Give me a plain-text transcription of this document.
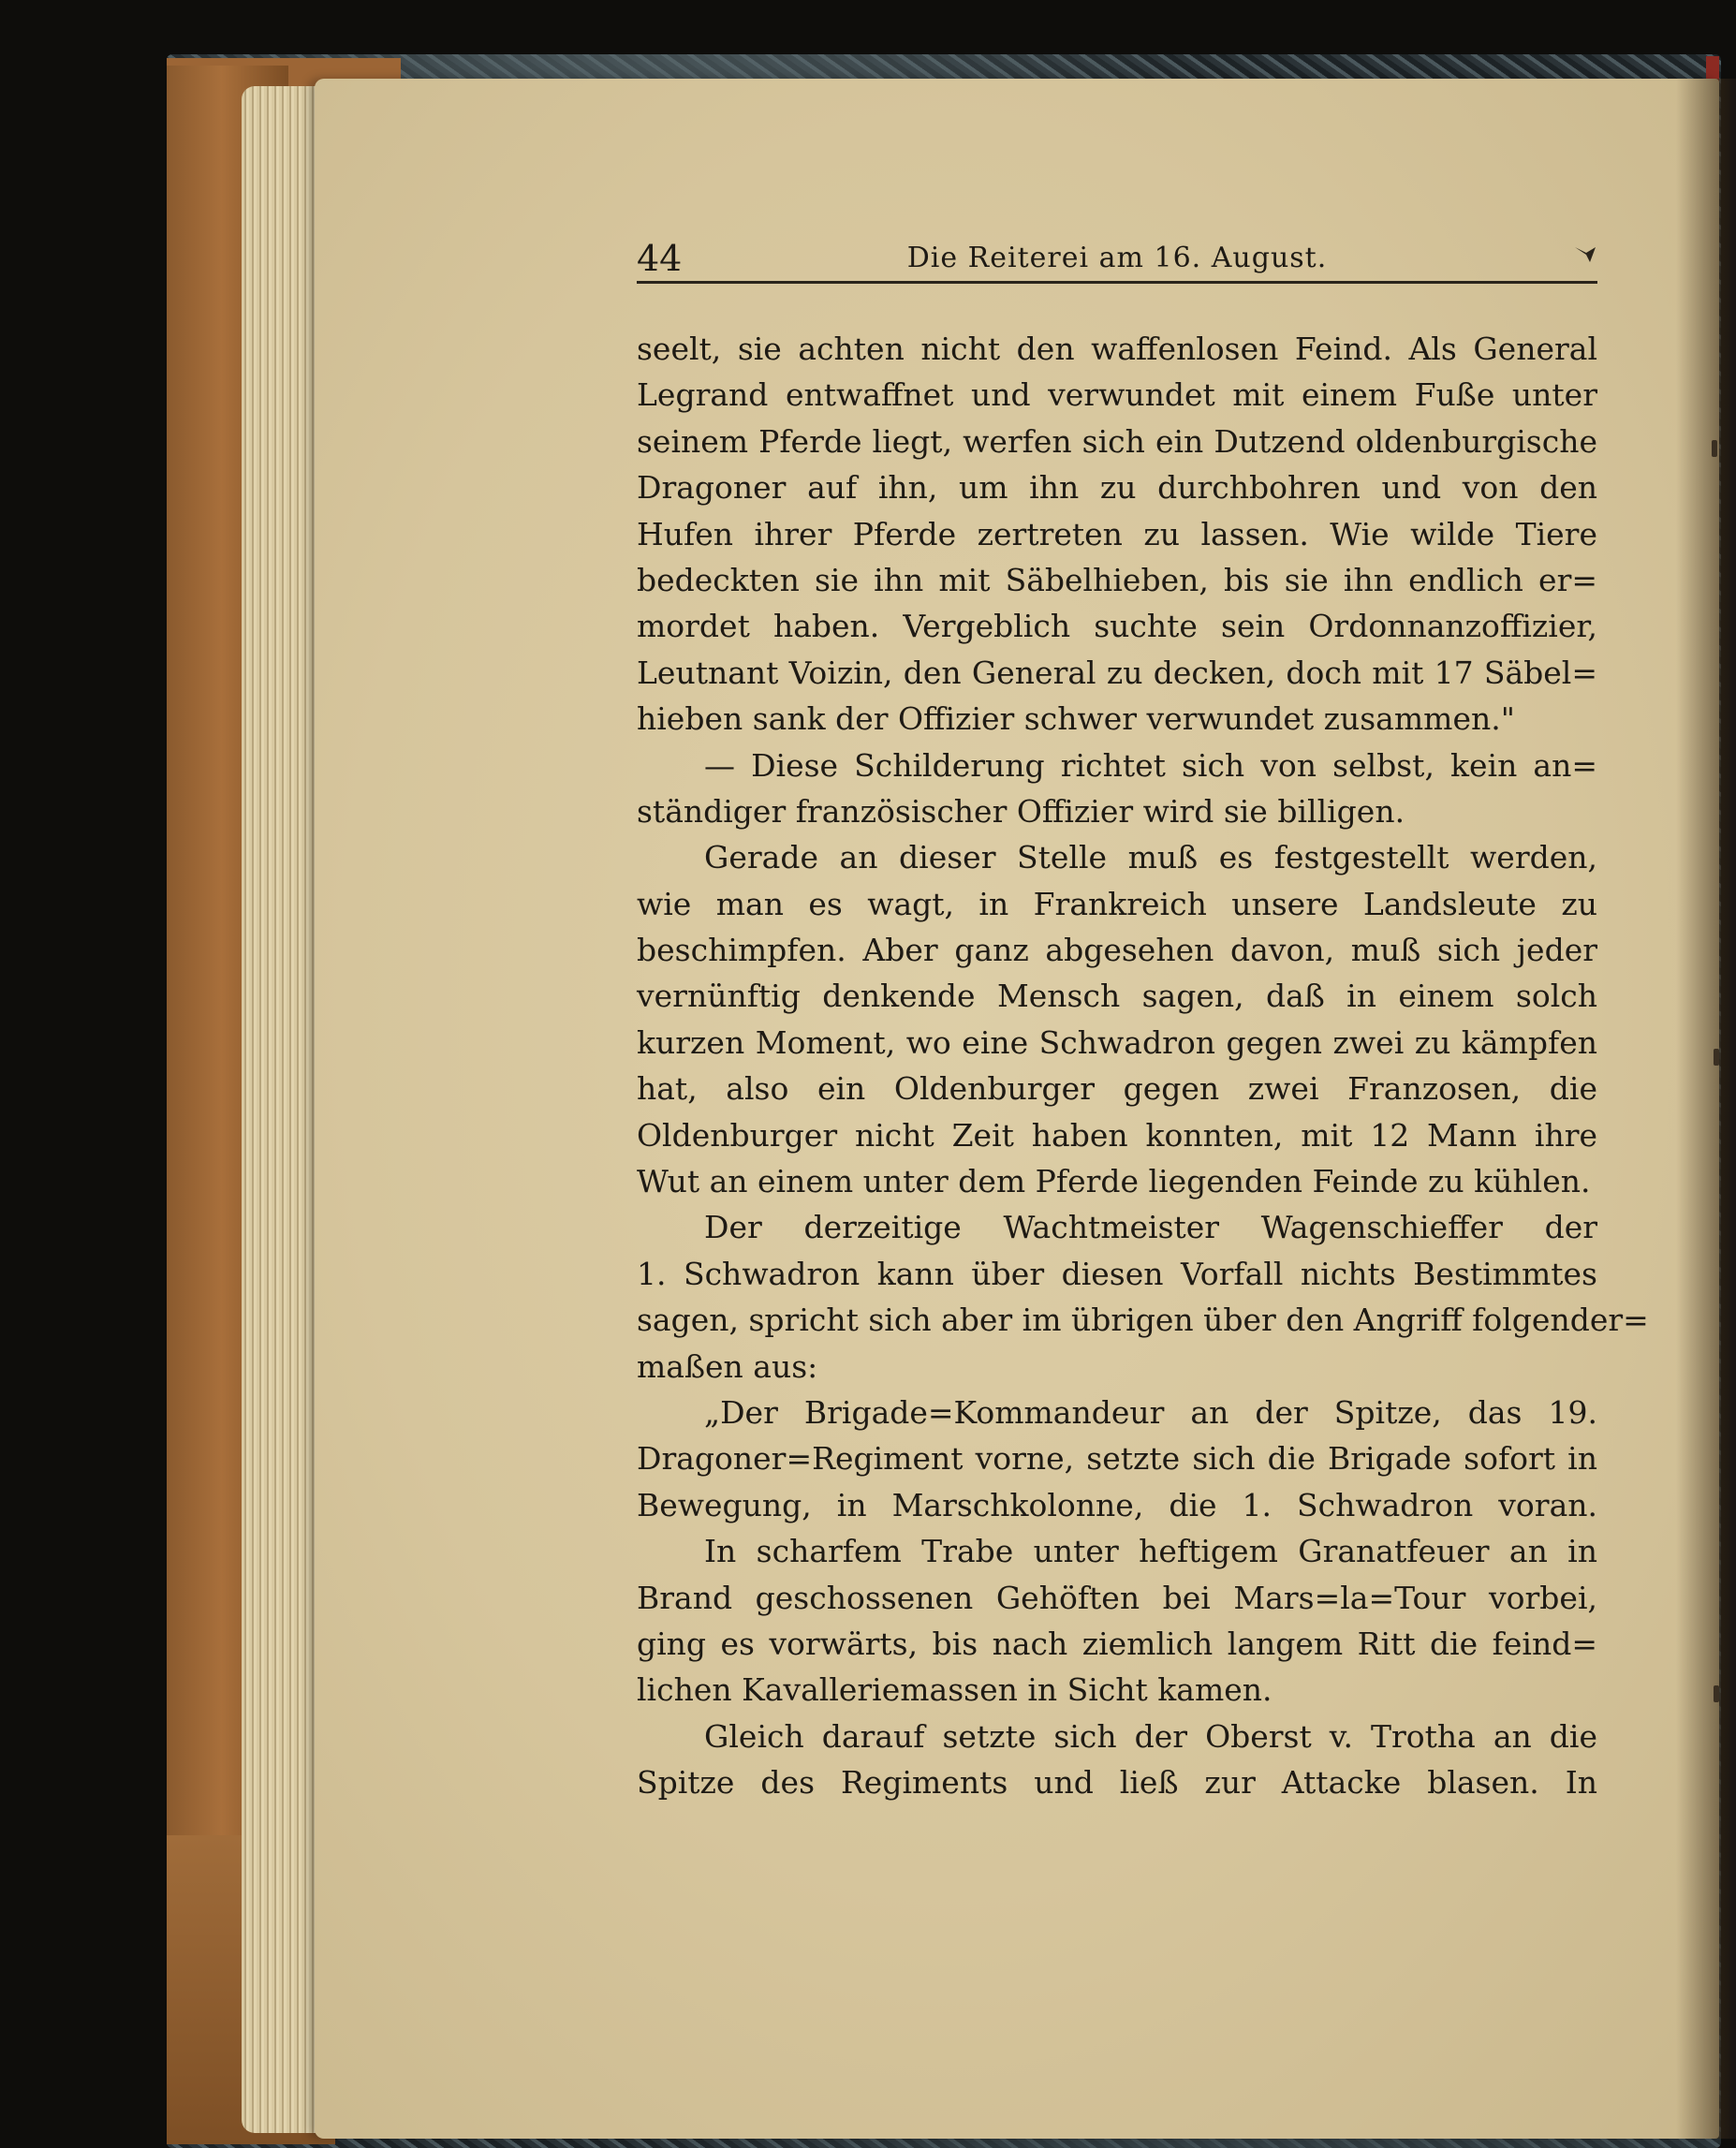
44	Die Reiterei am 16. August.
seelt, sie achten nicht den waffenlosen Feind. Als General
Legrand entwaffnet und verwundet mit einem Fuße unter
seinem Pferde liegt, werfen sich ein Dutzend oldenburgische
Dragoner auf ihn, um ihn zu durchbohren und von den
Hufen ihrer Pferde zertreten zu lassen. Wie wilde Tiere
bedeckten sie ihn mit Säbelhieben, bis sie ihn endlich er=
mordet haben. Vergeblich suchte sein Ordonnanzoffizier,
Leutnant Voizin, den General zu decken, doch mit 17 Säbel=
hieben sank der Offizier schwer verwundet zusammen."
— Diese Schilderung richtet sich von selbst, kein an=
ständiger französischer Offizier wird sie billigen.
Gerade an dieser Stelle muß es festgestellt werden,
wie man es wagt, in Frankreich unsere Landsleute zu
beschimpfen. Aber ganz abgesehen davon, muß sich jeder
vernünftig denkende Mensch sagen, daß in einem solch
kurzen Moment, wo eine Schwadron gegen zwei zu kämpfen
hat, also ein Oldenburger gegen zwei Franzosen, die
Oldenburger nicht Zeit haben konnten, mit 12 Mann ihre
Wut an einem unter dem Pferde liegenden Feinde zu kühlen.
Der derzeitige Wachtmeister Wagenschieffer der
1. Schwadron kann über diesen Vorfall nichts Bestimmtes
sagen, spricht sich aber im übrigen über den Angriff folgender=
maßen aus:
„Der Brigade=Kommandeur an der Spitze, das 19.
Dragoner=Regiment vorne, setzte sich die Brigade sofort in
Bewegung, in Marschkolonne, die 1. Schwadron voran.
In scharfem Trabe unter heftigem Granatfeuer an in
Brand geschossenen Gehöften bei Mars=la=Tour vorbei,
ging es vorwärts, bis nach ziemlich langem Ritt die feind=
lichen Kavalleriemassen in Sicht kamen.
Gleich darauf setzte sich der Oberst v. Trotha an die
Spitze des Regiments und ließ zur Attacke blasen. In
